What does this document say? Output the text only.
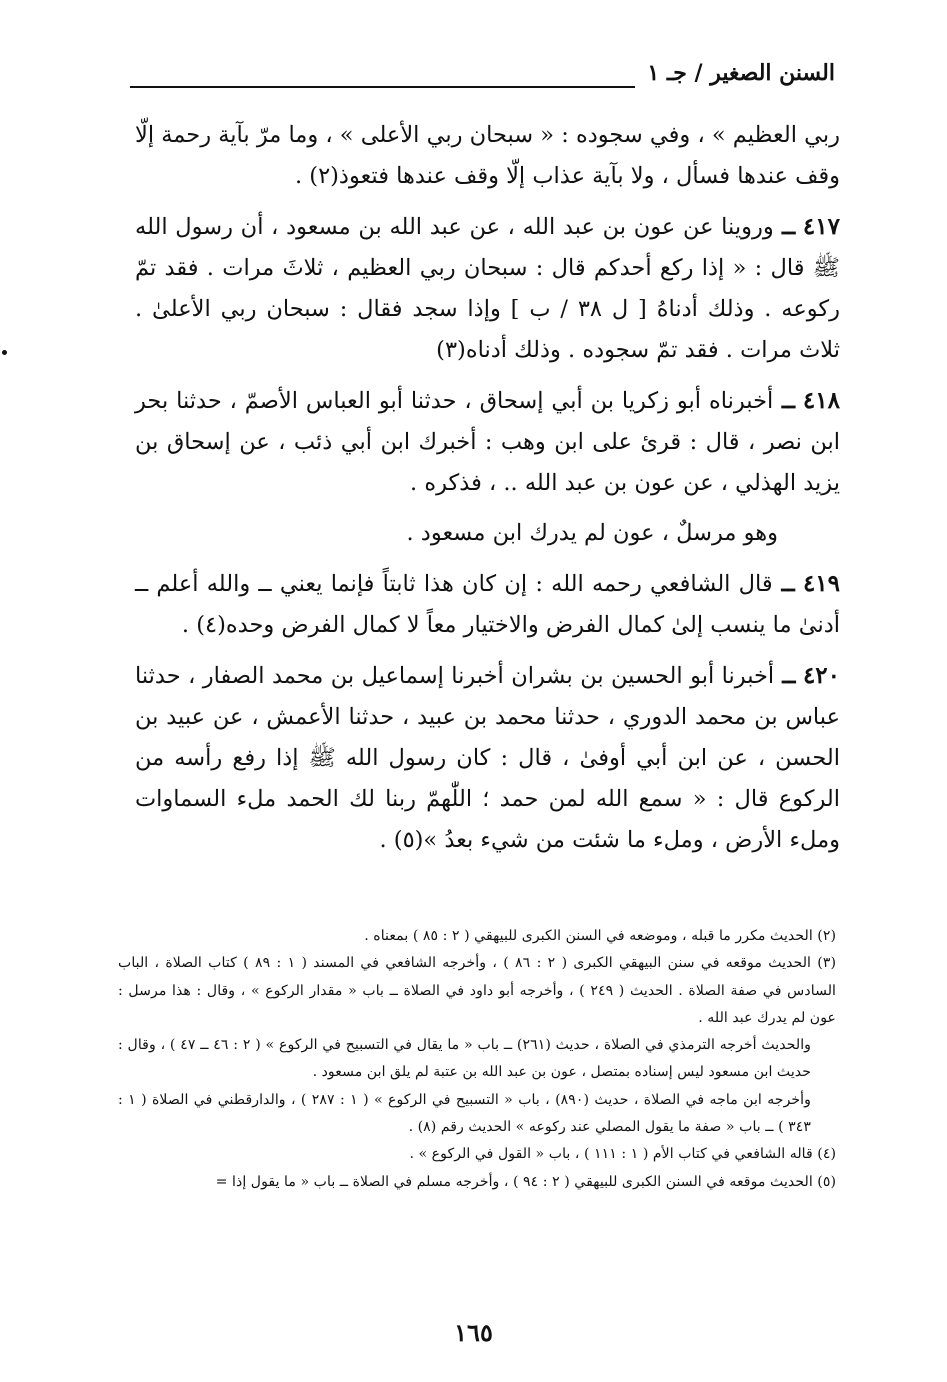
السنن الصغير / جـ ١

ربي العظيم » ، وفي سجوده : « سبحان ربي الأعلى » ، وما مرّ بآية رحمة إلّا وقف عندها فسأل ، ولا بآية عذاب إلّا وقف عندها فتعوذ(٢) .

٤١٧ ــ وروينا عن عون بن عبد الله ، عن عبد الله بن مسعود ، أن رسول الله ﷺ قال : « إذا ركع أحدكم قال : سبحان ربي العظيم ، ثلاثَ مرات . فقد تمّ ركوعه . وذلك أدناهُ [ ل ٣٨ / ب ] وإذا سجد فقال : سبحان ربي الأعلىٰ . ثلاث مرات . فقد تمّ سجوده . وذلك أدناه(٣)

٤١٨ ــ أخبرناه أبو زكريا بن أبي إسحاق ، حدثنا أبو العباس الأصمّ ، حدثنا بحر ابن نصر ، قال : قرئ على ابن وهب : أخبرك ابن أبي ذئب ، عن إسحاق بن يزيد الهذلي ، عن عون بن عبد الله .. ، فذكره .

وهو مرسلٌ ، عون لم يدرك ابن مسعود .

٤١٩ ــ قال الشافعي رحمه الله : إن كان هذا ثابتاً فإنما يعني ــ والله أعلم ــ أدنىٰ ما ينسب إلىٰ كمال الفرض والاختيار معاً لا كمال الفرض وحده(٤) .

٤٢٠ ــ أخبرنا أبو الحسين بن بشران أخبرنا إسماعيل بن محمد الصفار ، حدثنا عباس بن محمد الدوري ، حدثنا محمد بن عبيد ، حدثنا الأعمش ، عن عبيد بن الحسن ، عن ابن أبي أوفىٰ ، قال : كان رسول الله ﷺ إذا رفع رأسه من الركوع قال : « سمع الله لمن حمد ؛ اللّٰهمّ ربنا لك الحمد ملء السماوات وملء الأرض ، وملء ما شئت من شيء بعدُ »(٥) .

(٢) الحديث مكرر ما قبله ، وموضعه في السنن الكبرى للبيهقي ( ٢ : ٨٥ ) بمعناه .

(٣) الحديث موقعه في سنن البيهقي الكبرى ( ٢ : ٨٦ ) ، وأخرجه الشافعي في المسند ( ١ : ٨٩ ) كتاب الصلاة ، الباب السادس في صفة الصلاة . الحديث ( ٢٤٩ ) ، وأخرجه أبو داود في الصلاة ــ باب « مقدار الركوع » ، وقال : هذا مرسل : عون لم يدرك عبد الله .

والحديث أخرجه الترمذي في الصلاة ، حديث (٢٦١) ــ باب « ما يقال في التسبيح في الركوع » ( ٢ : ٤٦ ــ ٤٧ ) ، وقال : حديث ابن مسعود ليس إسناده بمتصل ، عون بن عبد الله بن عتبة لم يلق ابن مسعود .

وأخرجه ابن ماجه في الصلاة ، حديث (٨٩٠) ، باب « التسبيح في الركوع » ( ١ : ٢٨٧ ) ، والدارقطني في الصلاة ( ١ : ٣٤٣ ) ــ باب « صفة ما يقول المصلي عند ركوعه » الحديث رقم (٨) .

(٤) قاله الشافعي في كتاب الأم ( ١ : ١١١ ) ، باب « القول في الركوع » .

(٥) الحديث موقعه في السنن الكبرى للبيهقي ( ٢ : ٩٤ ) ، وأخرجه مسلم في الصلاة ــ باب « ما يقول إذا =

١٦٥
